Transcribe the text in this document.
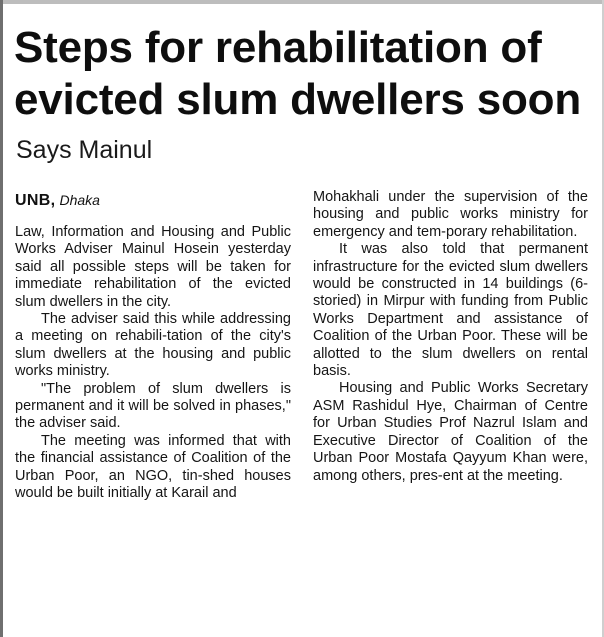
Steps for rehabilitation of
evicted slum dwellers soon
Says Mainul
UNB, Dhaka

Law, Information and Housing and Public Works Adviser Mainul Hosein yesterday said all possible steps will be taken for immediate rehabilitation of the evicted slum dwellers in the city.

The adviser said this while addressing a meeting on rehabili-tation of the city's slum dwellers at the housing and public works ministry.

"The problem of slum dwellers is permanent and it will be solved in phases," the adviser said.

The meeting was informed that with the financial assistance of Coalition of the Urban Poor, an NGO, tin-shed houses would be built initially at Karail and

Mohakhali under the supervision of the housing and public works ministry for emergency and tem-porary rehabilitation.

It was also told that permanent infrastructure for the evicted slum dwellers would be constructed in 14 buildings (6-storied) in Mirpur with funding from Public Works Department and assistance of Coalition of the Urban Poor. These will be allotted to the slum dwellers on rental basis.

Housing and Public Works Secretary ASM Rashidul Hye, Chairman of Centre for Urban Studies Prof Nazrul Islam and Executive Director of Coalition of the Urban Poor Mostafa Qayyum Khan were, among others, pres-ent at the meeting.
